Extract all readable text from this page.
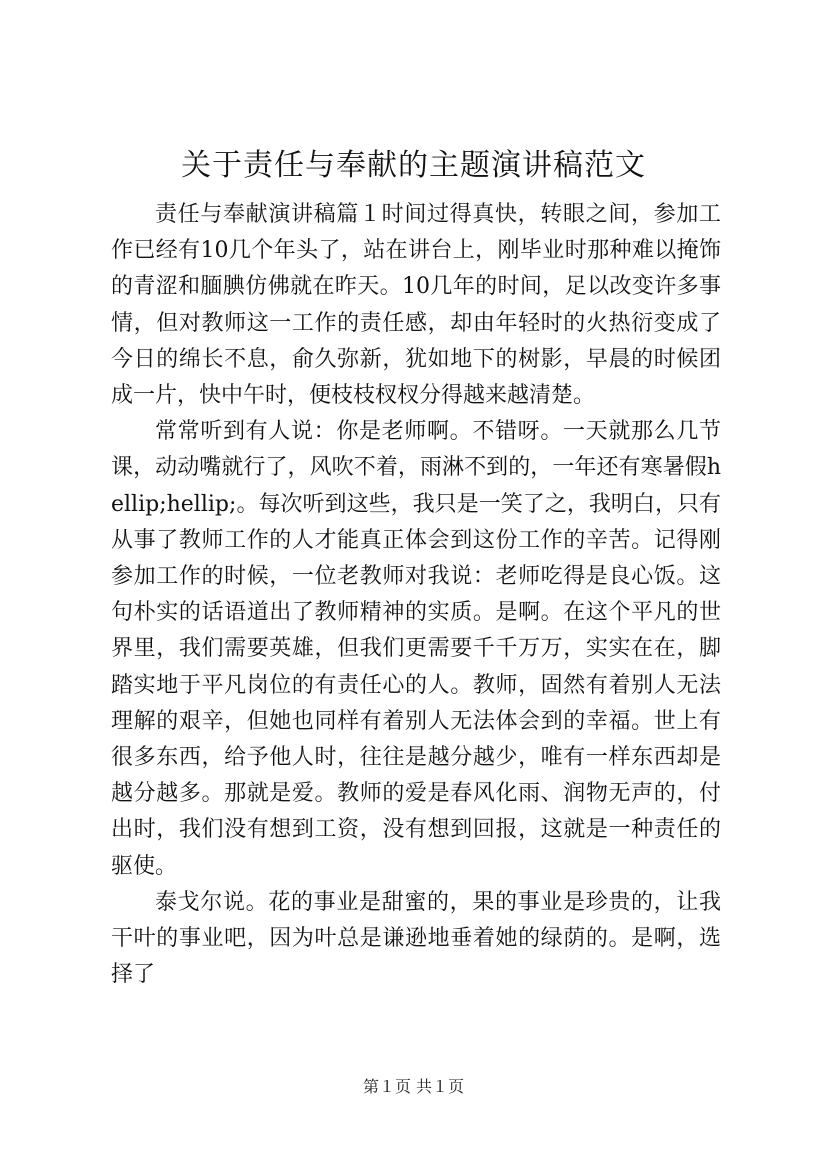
关于责任与奉献的主题演讲稿范文

责任与奉献演讲稿篇１时间过得真快，转眼之间，参加工作已经有10几个年头了，站在讲台上，刚毕业时那种难以掩饰的青涩和腼腆仿佛就在昨天。10几年的时间，足以改变许多事情，但对教师这一工作的责任感，却由年轻时的火热衍变成了今日的绵长不息，俞久弥新，犹如地下的树影，早晨的时候团成一片，快中午时，便枝枝杈杈分得越来越清楚。

常常听到有人说：你是老师啊。不错呀。一天就那么几节课，动动嘴就行了，风吹不着，雨淋不到的，一年还有寒暑假hellip;hellip;。每次听到这些，我只是一笑了之，我明白，只有从事了教师工作的人才能真正体会到这份工作的辛苦。记得刚参加工作的时候，一位老教师对我说：老师吃得是良心饭。这句朴实的话语道出了教师精神的实质。是啊。在这个平凡的世界里，我们需要英雄，但我们更需要千千万万，实实在在，脚踏实地于平凡岗位的有责任心的人。教师，固然有着别人无法理解的艰辛，但她也同样有着别人无法体会到的幸福。世上有很多东西，给予他人时，往往是越分越少，唯有一样东西却是越分越多。那就是爱。教师的爱是春风化雨、润物无声的，付出时，我们没有想到工资，没有想到回报，这就是一种责任的驱使。

泰戈尔说。花的事业是甜蜜的，果的事业是珍贵的，让我干叶的事业吧，因为叶总是谦逊地垂着她的绿荫的。是啊，选择了

第１页 共１页
